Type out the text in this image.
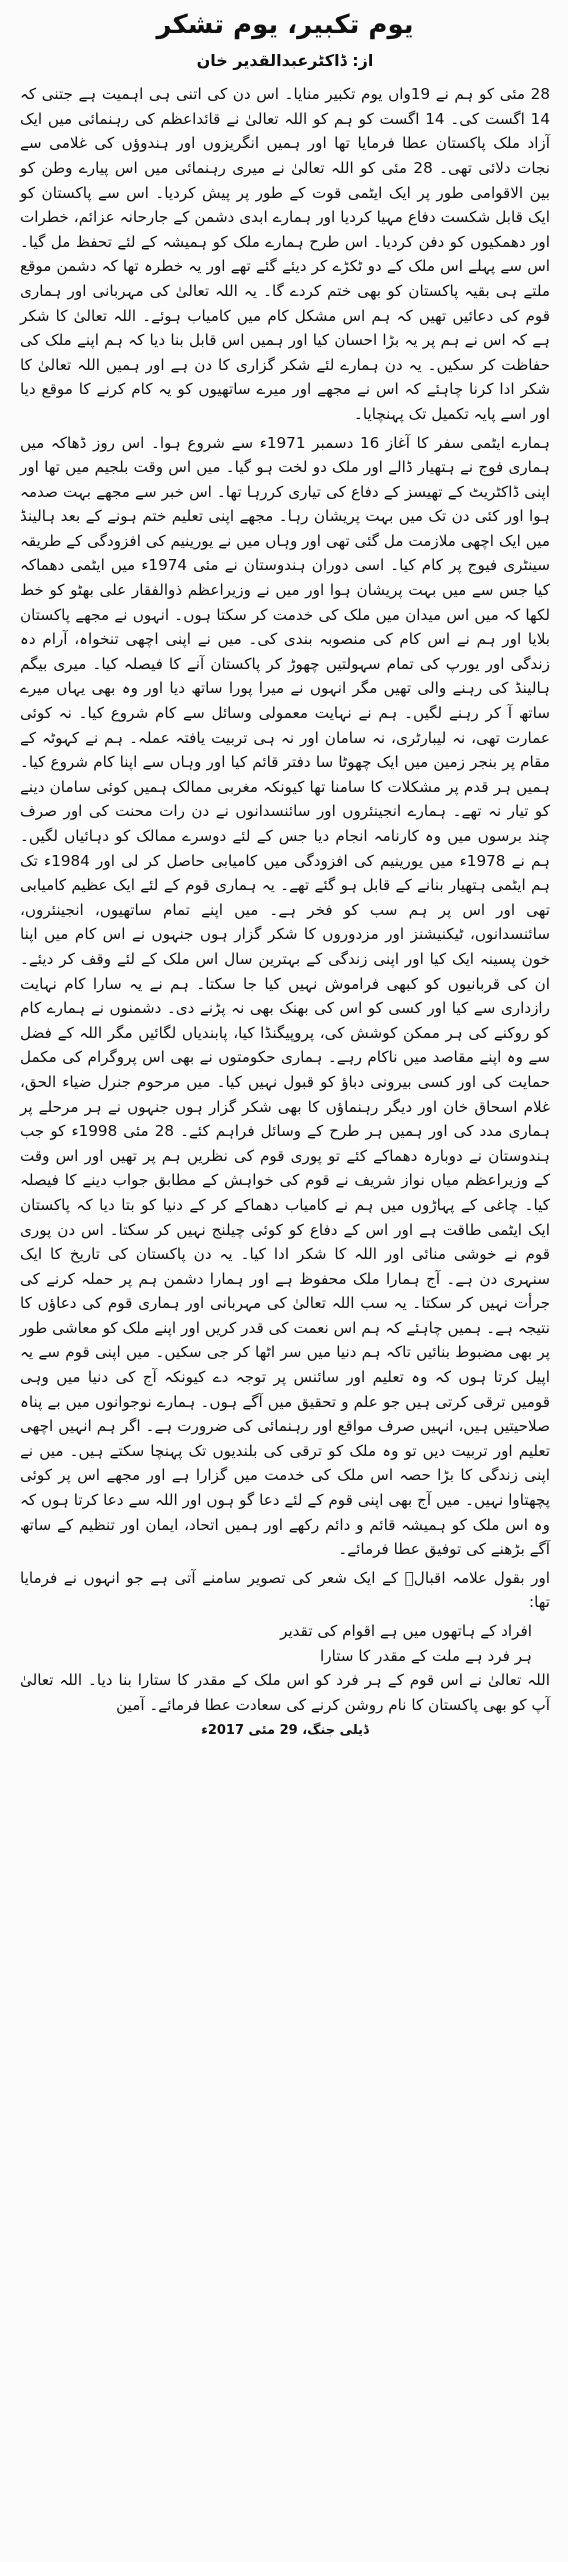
یوم تکبیر، یوم تشکر
از: ڈاکٹرعبدالقدیر خان

28 مئی کو ہم نے 19واں یوم تکبیر منایا۔ اس دن کی اتنی ہی اہمیت ہے جتنی کہ 14 اگست کی۔ 14 اگست کو ہم کو اللہ تعالیٰ نے قائداعظم کی رہنمائی میں ایک آزاد ملک پاکستان عطا فرمایا تھا اور ہمیں انگریزوں اور ہندوؤں کی غلامی سے نجات دلائی تھی۔ 28 مئی کو اللہ تعالیٰ نے میری رہنمائی میں اس پیارے وطن کو بین الاقوامی طور پر ایک ایٹمی قوت کے طور پر پیش کردیا۔ اس سے پاکستان کو ایک قابل شکست دفاع مہیا کردیا اور ہمارے ابدی دشمن کے جارحانہ عزائم، خطرات اور دھمکیوں کو دفن کردیا۔ اس طرح ہمارے ملک کو ہمیشہ کے لئے تحفظ مل گیا۔ اس سے پہلے اس ملک کے دو ٹکڑے کر دیئے گئے تھے اور یہ خطرہ تھا کہ دشمن موقع ملتے ہی بقیہ پاکستان کو بھی ختم کردے گا۔ یہ اللہ تعالیٰ کی مہربانی اور ہماری قوم کی دعائیں تھیں کہ ہم اس مشکل کام میں کامیاب ہوئے۔ اللہ تعالیٰ کا شکر ہے کہ اس نے ہم پر یہ بڑا احسان کیا اور ہمیں اس قابل بنا دیا کہ ہم اپنے ملک کی حفاظت کر سکیں۔ یہ دن ہمارے لئے شکر گزاری کا دن ہے اور ہمیں اللہ تعالیٰ کا شکر ادا کرنا چاہئے کہ اس نے مجھے اور میرے ساتھیوں کو یہ کام کرنے کا موقع دیا اور اسے پایہ تکمیل تک پہنچایا۔

ہمارے ایٹمی سفر کا آغاز 16 دسمبر 1971ء سے شروع ہوا۔ اس روز ڈھاکہ میں ہماری فوج نے ہتھیار ڈالے اور ملک دو لخت ہو گیا۔ میں اس وقت بلجیم میں تھا اور اپنی ڈاکٹریٹ کے تھیسز کے دفاع کی تیاری کررہا تھا۔ اس خبر سے مجھے بہت صدمہ ہوا اور کئی دن تک میں بہت پریشان رہا۔ مجھے اپنی تعلیم ختم ہونے کے بعد ہالینڈ میں ایک اچھی ملازمت مل گئی تھی اور وہاں میں نے یورینیم کی افزودگی کے طریقہ سینٹری فیوج پر کام کیا۔ اسی دوران ہندوستان نے مئی 1974ء میں ایٹمی دھماکہ کیا جس سے میں بہت پریشان ہوا اور میں نے وزیراعظم ذوالفقار علی بھٹو کو خط لکھا کہ میں اس میدان میں ملک کی خدمت کر سکتا ہوں۔ انہوں نے مجھے پاکستان بلایا اور ہم نے اس کام کی منصوبہ بندی کی۔ میں نے اپنی اچھی تنخواہ، آرام دہ زندگی اور یورپ کی تمام سہولتیں چھوڑ کر پاکستان آنے کا فیصلہ کیا۔ میری بیگم ہالینڈ کی رہنے والی تھیں مگر انہوں نے میرا پورا ساتھ دیا اور وہ بھی یہاں میرے ساتھ آ کر رہنے لگیں۔ ہم نے نہایت معمولی وسائل سے کام شروع کیا۔ نہ کوئی عمارت تھی، نہ لیبارٹری، نہ سامان اور نہ ہی تربیت یافتہ عملہ۔ ہم نے کہوٹہ کے مقام پر بنجر زمین میں ایک چھوٹا سا دفتر قائم کیا اور وہاں سے اپنا کام شروع کیا۔ ہمیں ہر قدم پر مشکلات کا سامنا تھا کیونکہ مغربی ممالک ہمیں کوئی سامان دینے کو تیار نہ تھے۔ ہمارے انجینئروں اور سائنسدانوں نے دن رات محنت کی اور صرف چند برسوں میں وہ کارنامہ انجام دیا جس کے لئے دوسرے ممالک کو دہائیاں لگیں۔ ہم نے 1978ء میں یورینیم کی افزودگی میں کامیابی حاصل کر لی اور 1984ء تک ہم ایٹمی ہتھیار بنانے کے قابل ہو گئے تھے۔ یہ ہماری قوم کے لئے ایک عظیم کامیابی تھی اور اس پر ہم سب کو فخر ہے۔ میں اپنے تمام ساتھیوں، انجینئروں، سائنسدانوں، ٹیکنیشنز اور مزدوروں کا شکر گزار ہوں جنہوں نے اس کام میں اپنا خون پسینہ ایک کیا اور اپنی زندگی کے بہترین سال اس ملک کے لئے وقف کر دیئے۔ ان کی قربانیوں کو کبھی فراموش نہیں کیا جا سکتا۔ ہم نے یہ سارا کام نہایت رازداری سے کیا اور کسی کو اس کی بھنک بھی نہ پڑنے دی۔ دشمنوں نے ہمارے کام کو روکنے کی ہر ممکن کوشش کی، پروپیگنڈا کیا، پابندیاں لگائیں مگر اللہ کے فضل سے وہ اپنے مقاصد میں ناکام رہے۔ ہماری حکومتوں نے بھی اس پروگرام کی مکمل حمایت کی اور کسی بیرونی دباؤ کو قبول نہیں کیا۔ میں مرحوم جنرل ضیاء الحق، غلام اسحاق خان اور دیگر رہنماؤں کا بھی شکر گزار ہوں جنہوں نے ہر مرحلے پر ہماری مدد کی اور ہمیں ہر طرح کے وسائل فراہم کئے۔ 28 مئی 1998ء کو جب ہندوستان نے دوبارہ دھماکے کئے تو پوری قوم کی نظریں ہم پر تھیں اور اس وقت کے وزیراعظم میاں نواز شریف نے قوم کی خواہش کے مطابق جواب دینے کا فیصلہ کیا۔ چاغی کے پہاڑوں میں ہم نے کامیاب دھماکے کر کے دنیا کو بتا دیا کہ پاکستان ایک ایٹمی طاقت ہے اور اس کے دفاع کو کوئی چیلنج نہیں کر سکتا۔ اس دن پوری قوم نے خوشی منائی اور اللہ کا شکر ادا کیا۔ یہ دن پاکستان کی تاریخ کا ایک سنہری دن ہے۔ آج ہمارا ملک محفوظ ہے اور ہمارا دشمن ہم پر حملہ کرنے کی جرأت نہیں کر سکتا۔ یہ سب اللہ تعالیٰ کی مہربانی اور ہماری قوم کی دعاؤں کا نتیجہ ہے۔ ہمیں چاہئے کہ ہم اس نعمت کی قدر کریں اور اپنے ملک کو معاشی طور پر بھی مضبوط بنائیں تاکہ ہم دنیا میں سر اٹھا کر جی سکیں۔ میں اپنی قوم سے یہ اپیل کرتا ہوں کہ وہ تعلیم اور سائنس پر توجہ دے کیونکہ آج کی دنیا میں وہی قومیں ترقی کرتی ہیں جو علم و تحقیق میں آگے ہوں۔ ہمارے نوجوانوں میں بے پناہ صلاحیتیں ہیں، انہیں صرف مواقع اور رہنمائی کی ضرورت ہے۔ اگر ہم انہیں اچھی تعلیم اور تربیت دیں تو وہ ملک کو ترقی کی بلندیوں تک پہنچا سکتے ہیں۔ میں نے اپنی زندگی کا بڑا حصہ اس ملک کی خدمت میں گزارا ہے اور مجھے اس پر کوئی پچھتاوا نہیں۔ میں آج بھی اپنی قوم کے لئے دعا گو ہوں اور اللہ سے دعا کرتا ہوں کہ وہ اس ملک کو ہمیشہ قائم و دائم رکھے اور ہمیں اتحاد، ایمان اور تنظیم کے ساتھ آگے بڑھنے کی توفیق عطا فرمائے۔

اور بقول علامہ اقبالؒ کے ایک شعر کی تصویر سامنے آتی ہے جو انہوں نے فرمایا تھا:

افراد کے ہاتھوں میں ہے اقوام کی تقدیر

ہر فرد ہے ملت کے مقدر کا ستارا

اللہ تعالیٰ نے اس قوم کے ہر فرد کو اس ملک کے مقدر کا ستارا بنا دیا۔ اللہ تعالیٰ آپ کو بھی پاکستان کا نام روشن کرنے کی سعادت عطا فرمائے۔ آمین

ڈیلی جنگ، 29 مئی 2017ء
